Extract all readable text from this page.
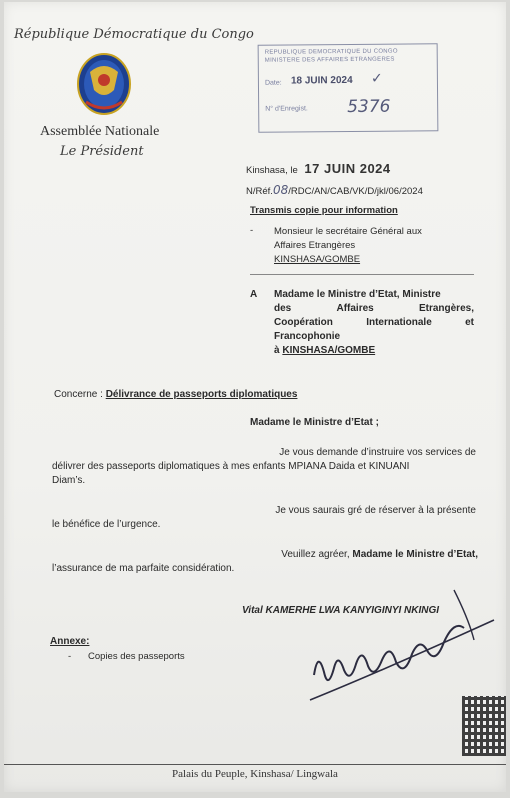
République Démocratique du Congo
Assemblée Nationale
Le Président
REPUBLIQUE DEMOCRATIQUE DU CONGO
MINISTERE DES AFFAIRES ETRANGERES
Date: 18 JUIN 2024 ✓
N° d'Enregist. 5376
Kinshasa, le 17 JUIN 2024
N/Réf.08/RDC/AN/CAB/VK/D/jkl/06/2024
Transmis copie pour information
- Monsieur le secrétaire Général aux
Affaires Etrangères
KINSHASA/GOMBE
A Madame le Ministre d’Etat, Ministre
des	Affaires	Etrangères,
Coopération	Internationale	et
Francophonie
à KINSHASA/GOMBE
Concerne : Délivrance de passeports diplomatiques
Madame le Ministre d’Etat ;
Je vous demande d’instruire vos services de
délivrer des passeports diplomatiques à mes enfants MPIANA Daida et KINUANI
Diam’s.
Je vous saurais gré de réserver à la présente
le bénéfice de l’urgence.
Veuillez agréer, Madame le Ministre d’Etat,
l’assurance de ma parfaite considération.
Vital KAMERHE LWA KANYIGINYI NKINGI
Annexe:
- Copies des passeports
Palais du Peuple, Kinshasa/ Lingwala
